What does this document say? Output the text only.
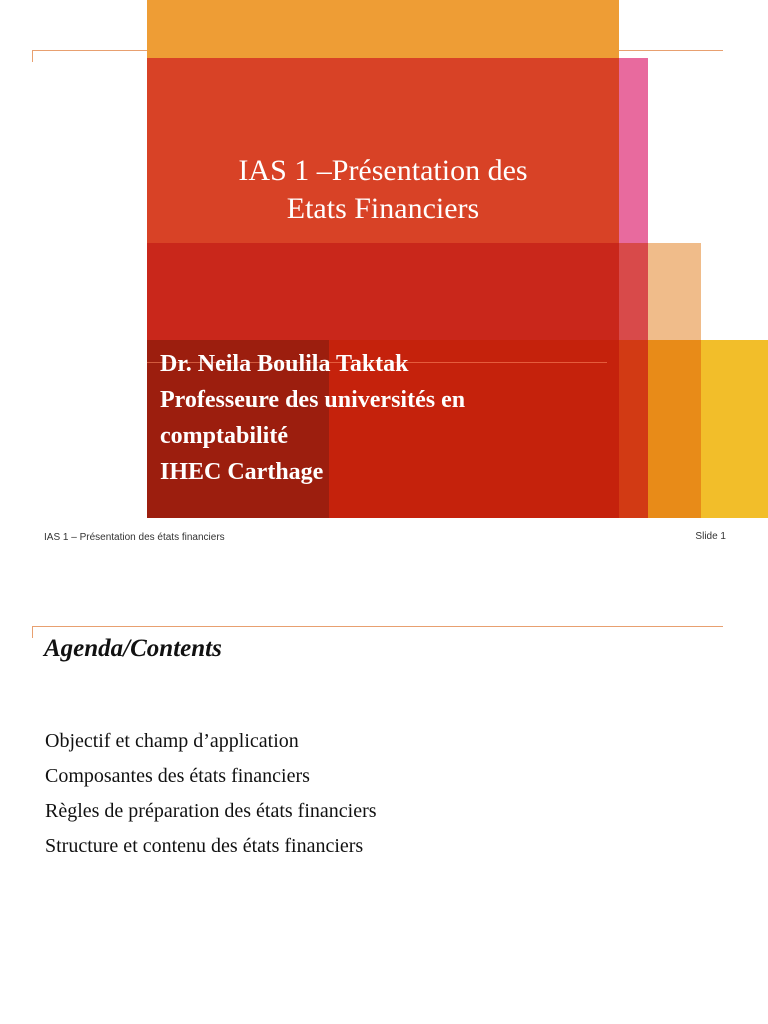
IAS 1 –Présentation des
Etats Financiers
Dr. Neila Boulila Taktak
Professeure des universités en
comptabilité
IHEC Carthage
IAS 1 – Présentation des états financiers	Slide 1
Agenda/Contents
Objectif et champ d’application
Composantes des états financiers
Règles de préparation des états financiers
Structure et contenu des états financiers
